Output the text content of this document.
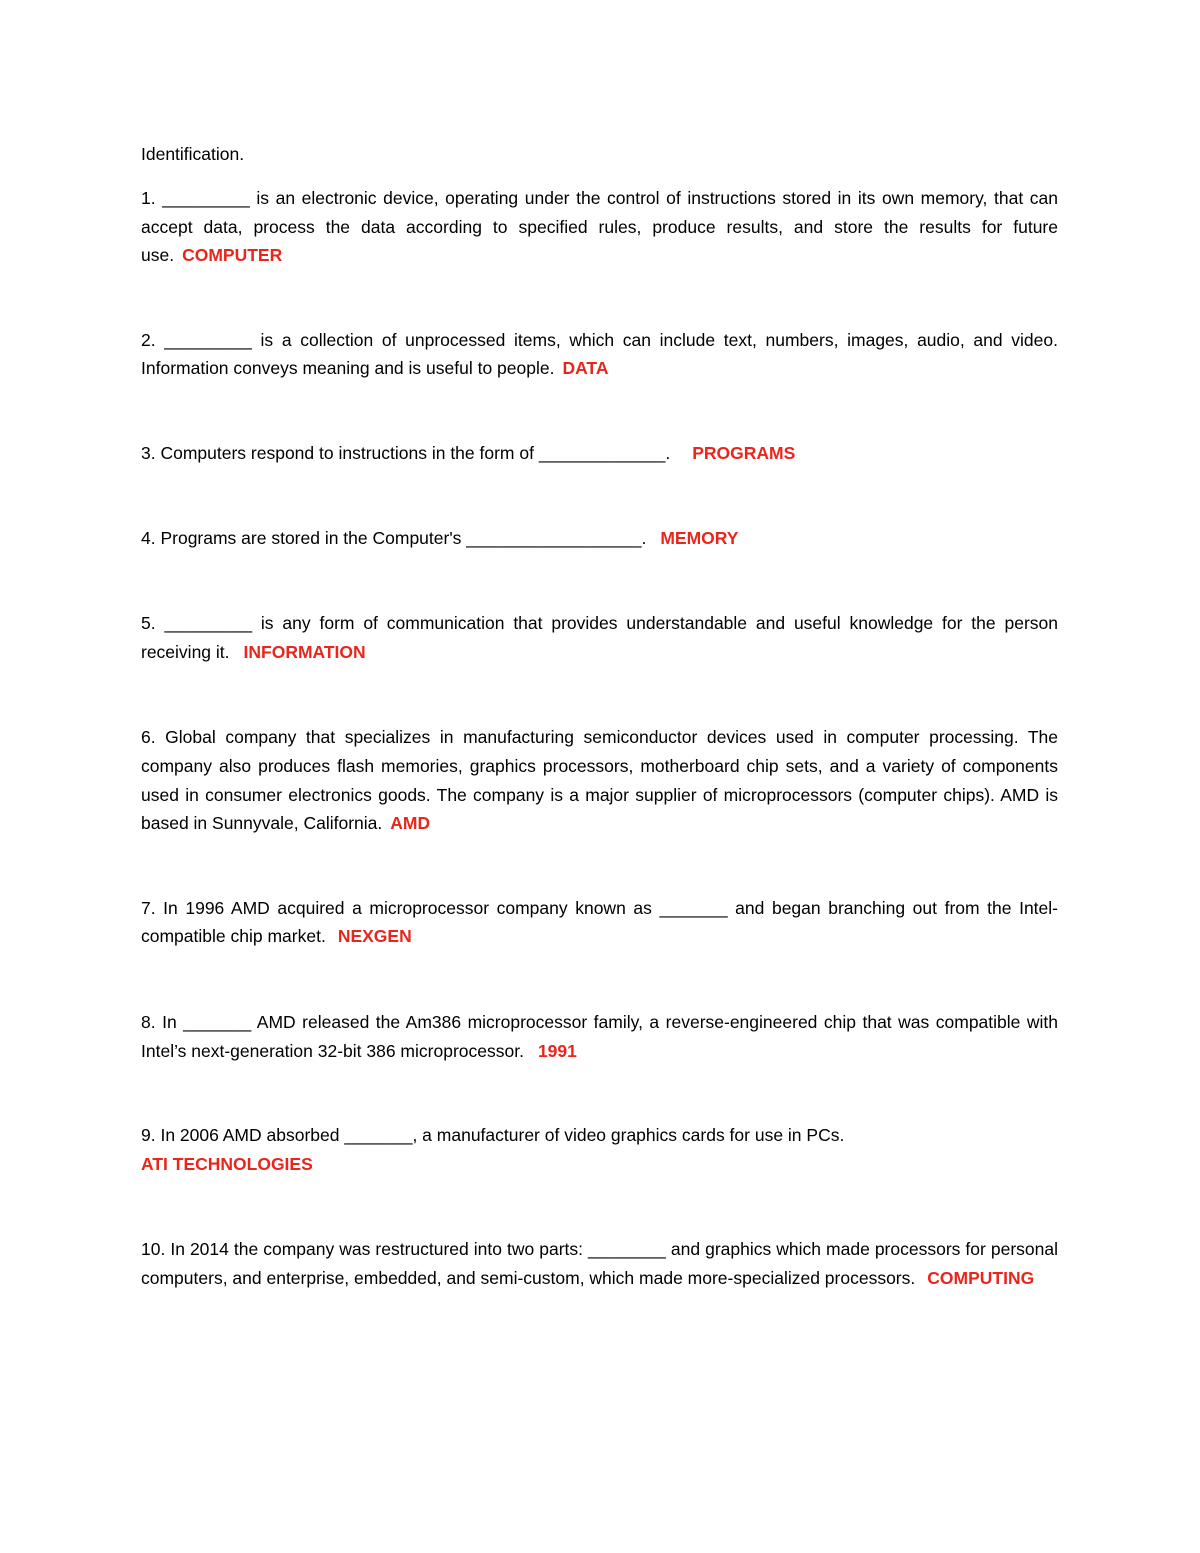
Identification.

1. _________ is an electronic device, operating under the control of instructions stored in its own memory, that can accept data, process the data according to specified rules, produce results, and store the results for future use. COMPUTER

2. _________ is a collection of unprocessed items, which can include text, numbers, images, audio, and video. Information conveys meaning and is useful to people. DATA

3. Computers respond to instructions in the form of _____________. PROGRAMS

4. Programs are stored in the Computer's __________________. MEMORY

5. _________ is any form of communication that provides understandable and useful knowledge for the person receiving it. INFORMATION

6. Global company that specializes in manufacturing semiconductor devices used in computer processing. The company also produces flash memories, graphics processors, motherboard chip sets, and a variety of components used in consumer electronics goods. The company is a major supplier of microprocessors (computer chips). AMD is based in Sunnyvale, California. AMD

7. In 1996 AMD acquired a microprocessor company known as _______ and began branching out from the Intel-compatible chip market. NEXGEN

8. In _______ AMD released the Am386 microprocessor family, a reverse-engineered chip that was compatible with Intel’s next-generation 32-bit 386 microprocessor. 1991

9. In 2006 AMD absorbed _______, a manufacturer of video graphics cards for use in PCs.
ATI TECHNOLOGIES

10. In 2014 the company was restructured into two parts: ________ and graphics which made processors for personal computers, and enterprise, embedded, and semi-custom, which made more-specialized processors. COMPUTING
